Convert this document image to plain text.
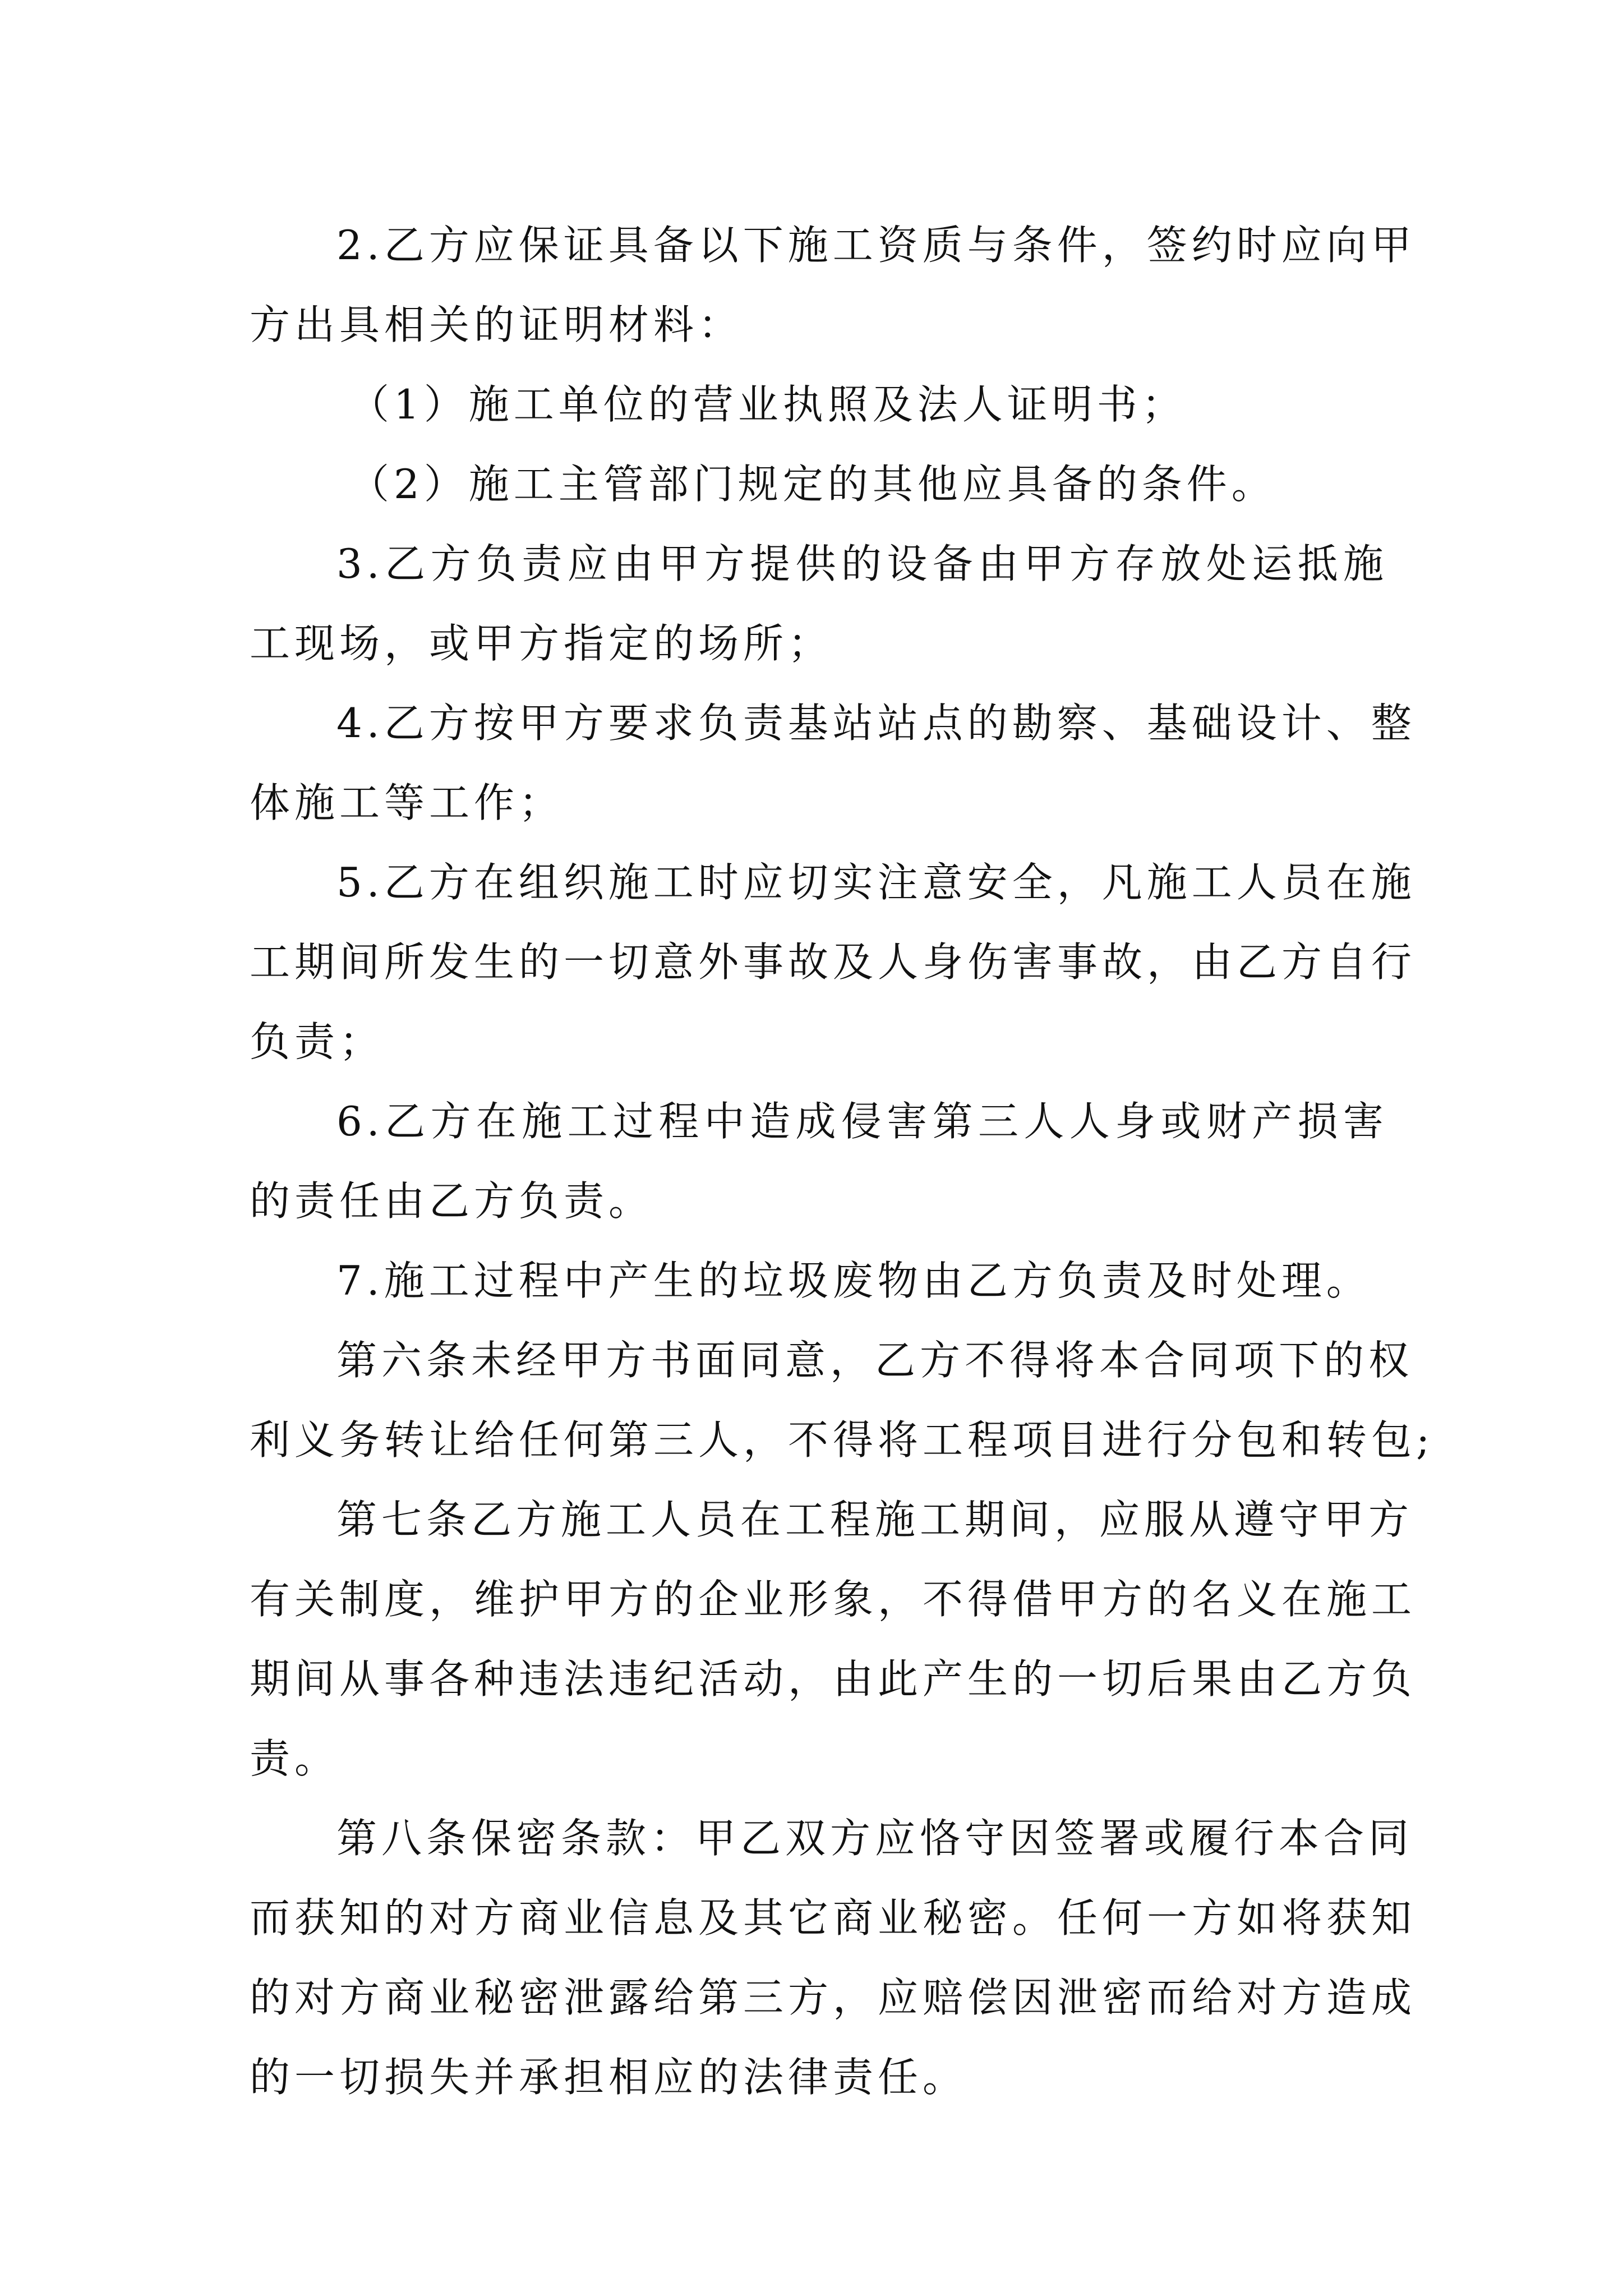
2.乙方应保证具备以下施工资质与条件，签约时应向甲
方出具相关的证明材料：
（1）施工单位的营业执照及法人证明书；
（2）施工主管部门规定的其他应具备的条件。
3.乙方负责应由甲方提供的设备由甲方存放处运抵施
工现场，或甲方指定的场所；
4.乙方按甲方要求负责基站站点的勘察、基础设计、整
体施工等工作；
5.乙方在组织施工时应切实注意安全，凡施工人员在施
工期间所发生的一切意外事故及人身伤害事故，由乙方自行
负责；
6.乙方在施工过程中造成侵害第三人人身或财产损害
的责任由乙方负责。
7.施工过程中产生的垃圾废物由乙方负责及时处理。
第六条未经甲方书面同意，乙方不得将本合同项下的权
利义务转让给任何第三人，不得将工程项目进行分包和转包;
第七条乙方施工人员在工程施工期间，应服从遵守甲方
有关制度，维护甲方的企业形象，不得借甲方的名义在施工
期间从事各种违法违纪活动，由此产生的一切后果由乙方负
责。
第八条保密条款：甲乙双方应恪守因签署或履行本合同
而获知的对方商业信息及其它商业秘密。任何一方如将获知
的对方商业秘密泄露给第三方，应赔偿因泄密而给对方造成
的一切损失并承担相应的法律责任。
